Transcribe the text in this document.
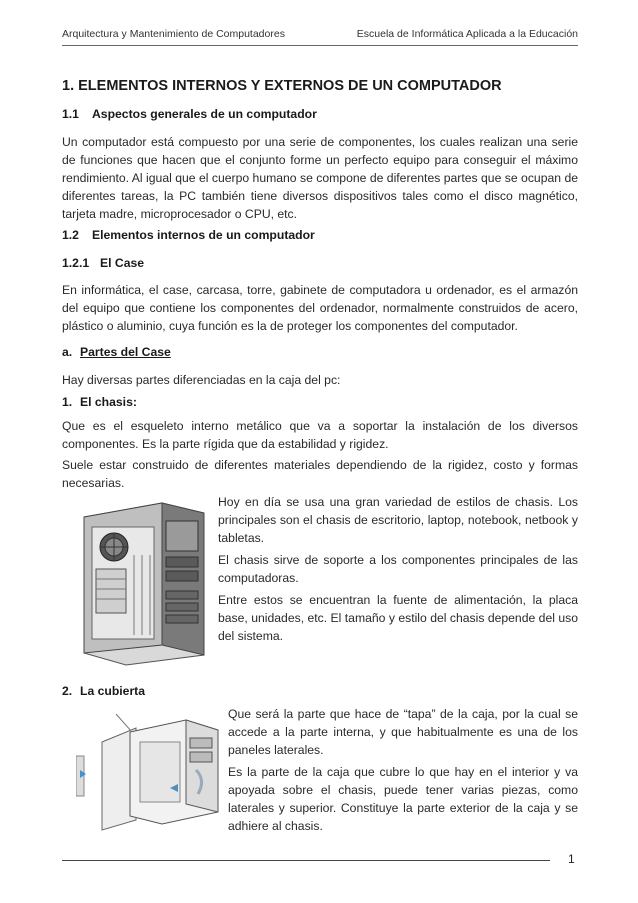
Arquitectura y Mantenimiento de Computadores	Escuela de Informática Aplicada a la Educación
1. ELEMENTOS INTERNOS Y EXTERNOS DE UN COMPUTADOR
1.1 Aspectos generales de un computador
Un computador está compuesto por una serie de componentes, los cuales realizan una serie de funciones que hacen que el conjunto forme un perfecto equipo para conseguir el máximo rendimiento. Al igual que el cuerpo humano se compone de diferentes partes que se ocupan de diferentes tareas, la PC también tiene diversos dispositivos tales como el disco magnético, tarjeta madre, microprocesador o CPU, etc.
1.2 Elementos internos de un computador
1.2.1 El Case
En informática, el case, carcasa, torre, gabinete de computadora u ordenador, es el armazón del equipo que contiene los componentes del ordenador, normalmente construidos de acero, plástico o aluminio, cuya función es la de proteger los componentes del computador.
a. Partes del Case
Hay diversas partes diferenciadas en la caja del pc:
1. El chasis:
Que es el esqueleto interno metálico que va a soportar la instalación de los diversos componentes. Es la parte rígida que da estabilidad y rigidez.
Suele estar construido de diferentes materiales dependiendo de la rigidez, costo y formas necesarias.

Hoy en día se usa una gran variedad de estilos de chasis. Los principales son el chasis de escritorio, laptop, notebook, netbook y tabletas.

El chasis sirve de soporte a los componentes principales de las computadoras.

Entre estos se encuentran la fuente de alimentación, la placa base, unidades, etc. El tamaño y estilo del chasis depende del uso del sistema.

2. La cubierta

Que será la parte que hace de “tapa” de la caja, por la cual se accede a la parte interna, y que habitualmente es una de los paneles laterales.

Es la parte de la caja que cubre lo que hay en el interior y va apoyada sobre el chasis, puede tener varias piezas, como laterales y superior. Constituye la parte exterior de la caja y se adhiere al chasis.

1
